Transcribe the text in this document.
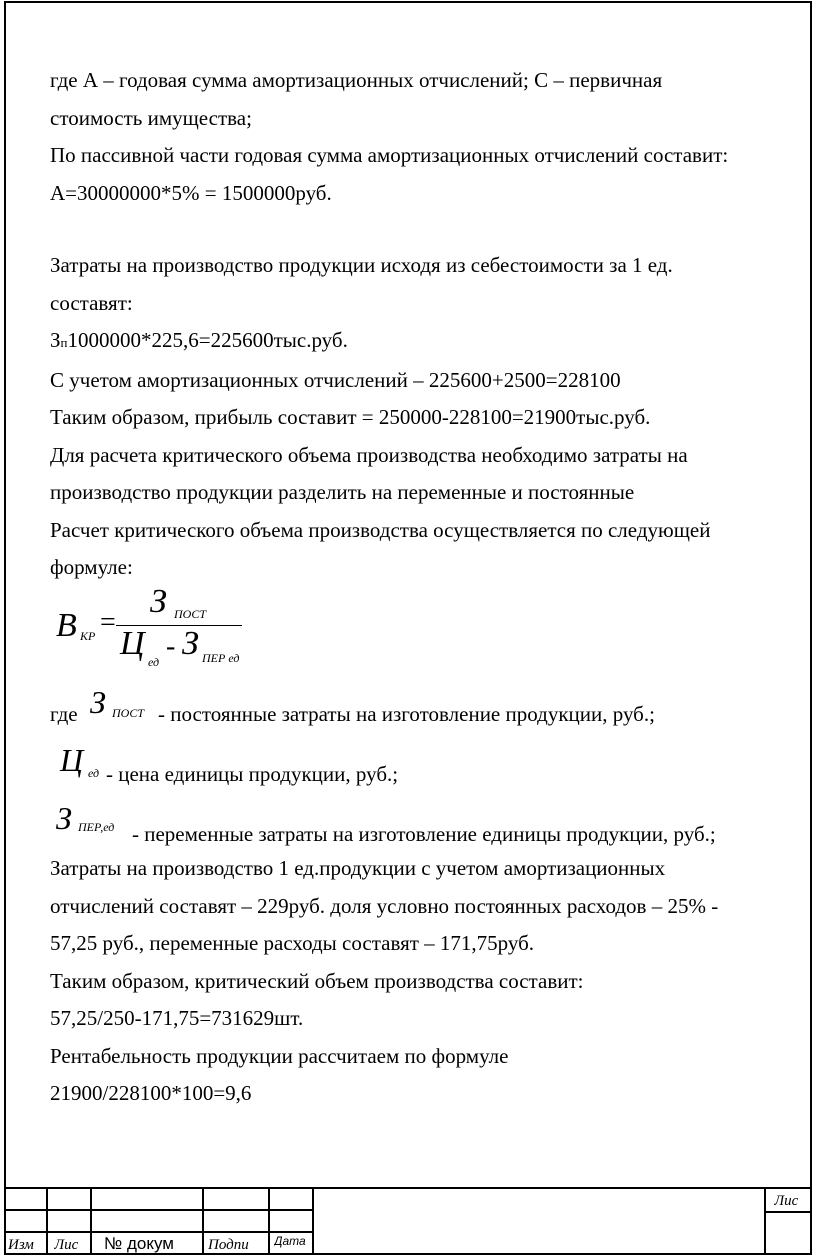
где А – годовая сумма амортизационных отчислений; С – первичная
стоимость имущества;
По пассивной части годовая сумма амортизационных отчислений составит:
А=30000000*5% = 1500000руб.
Затраты на производство продукции исходя из себестоимости за 1 ед.
составят:
Зп1000000*225,6=225600тыс.руб.
С учетом амортизационных отчислений – 225600+2500=228100
Таким образом, прибыль составит = 250000-228100=21900тыс.руб.
Для расчета критического объема производства необходимо затраты на
производство продукции разделить на переменные и постоянные
Расчет критического объема производства осуществляется по следующей
формуле:
В КР =
З ПОСТ
Ц ед - З ПЕР ед
где З ПОСТ - постоянные затраты на изготовление продукции, руб.;
Ц ед - цена единицы продукции, руб.;
З ПЕР,ед - переменные затраты на изготовление единицы продукции, руб.;
Затраты на производство 1 ед.продукции с учетом амортизационных
отчислений составят – 229руб. доля условно постоянных расходов – 25% -
57,25 руб., переменные расходы составят – 171,75руб.
Таким образом, критический объем производства составит:
57,25/250-171,75=731629шт.
Рентабельность продукции рассчитаем по формуле
21900/228100*100=9,6
Изм Лис № докум Подпи Дата
Лис
